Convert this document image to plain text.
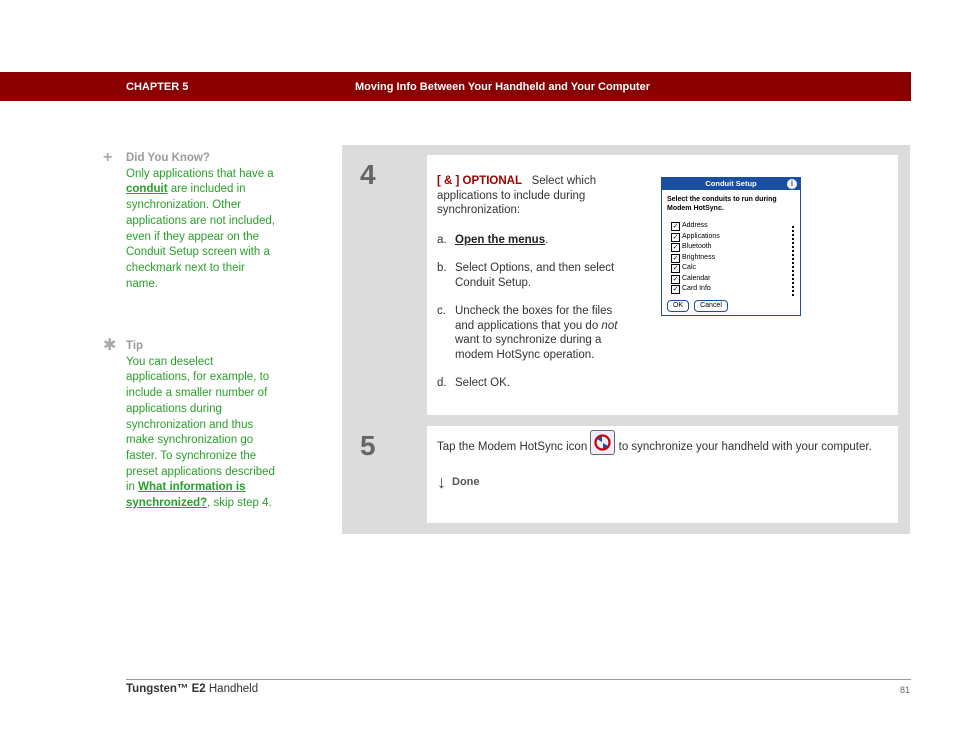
CHAPTER 5	Moving Info Between Your Handheld and Your Computer
+	Did You Know?
Only applications that have a conduit are included in synchronization. Other applications are not included, even if they appear on the Conduit Setup screen with a checkmark next to their name.
✱ Tip
You can deselect applications, for example, to include a smaller number of applications during synchronization and thus make synchronization go faster. To synchronize the preset applications described in What information is synchronized?, skip step 4.
4	[ & ] OPTIONAL Select which applications to include during synchronization:
a. Open the menus.
b. Select Options, and then select Conduit Setup.
c. Uncheck the boxes for the files and applications that you do not want to synchronize during a modem HotSync operation.
d. Select OK.
Conduit Setup	i
Select the conduits to run during Modem HotSync.
✓ Address
✓ Applications
✓ Bluetooth
✓ Brightness
✓ Calc
✓ Calendar
✓ Card Info
OK	Cancel
5	Tap the Modem HotSync icon	to synchronize your handheld with your computer.
↓ Done
Tungsten™ E2 Handheld	81
